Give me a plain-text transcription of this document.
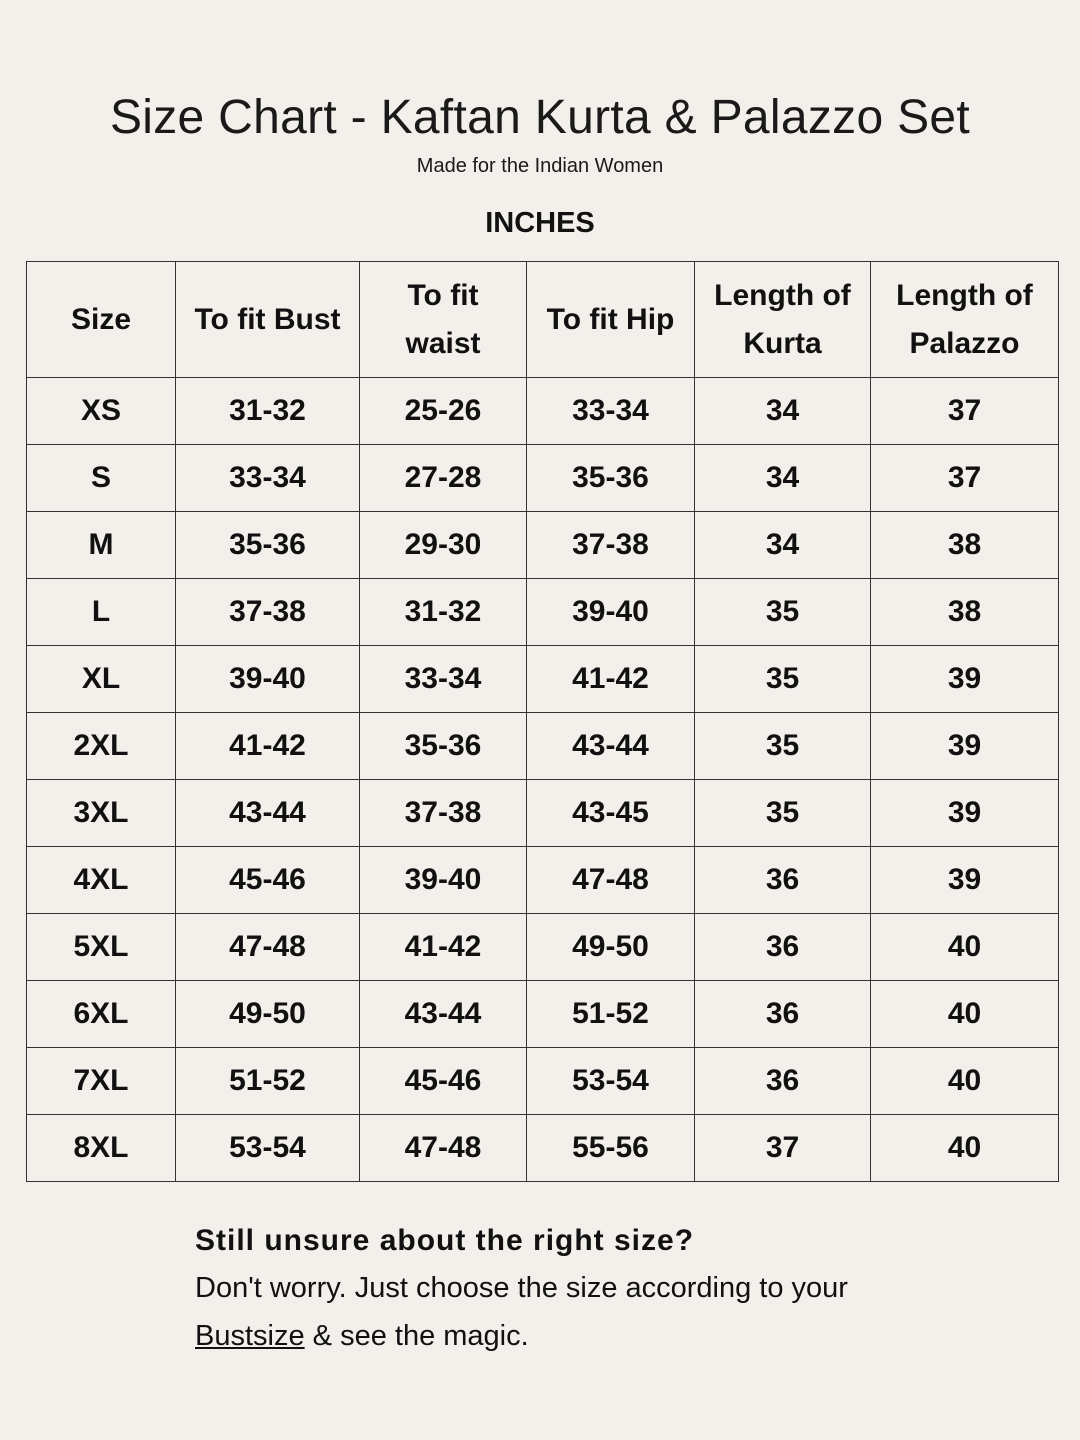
Size Chart - Kaftan Kurta & Palazzo Set
Made for the Indian Women
INCHES
Size	To fit Bust	To fit waist	To fit Hip	Length of Kurta	Length of Palazzo
XS	31-32	25-26	33-34	34	37
S	33-34	27-28	35-36	34	37
M	35-36	29-30	37-38	34	38
L	37-38	31-32	39-40	35	38
XL	39-40	33-34	41-42	35	39
2XL	41-42	35-36	43-44	35	39
3XL	43-44	37-38	43-45	35	39
4XL	45-46	39-40	47-48	36	39
5XL	47-48	41-42	49-50	36	40
6XL	49-50	43-44	51-52	36	40
7XL	51-52	45-46	53-54	36	40
8XL	53-54	47-48	55-56	37	40
Still unsure about the right size?
Don't worry. Just choose the size according to your
Bustsize & see the magic.
